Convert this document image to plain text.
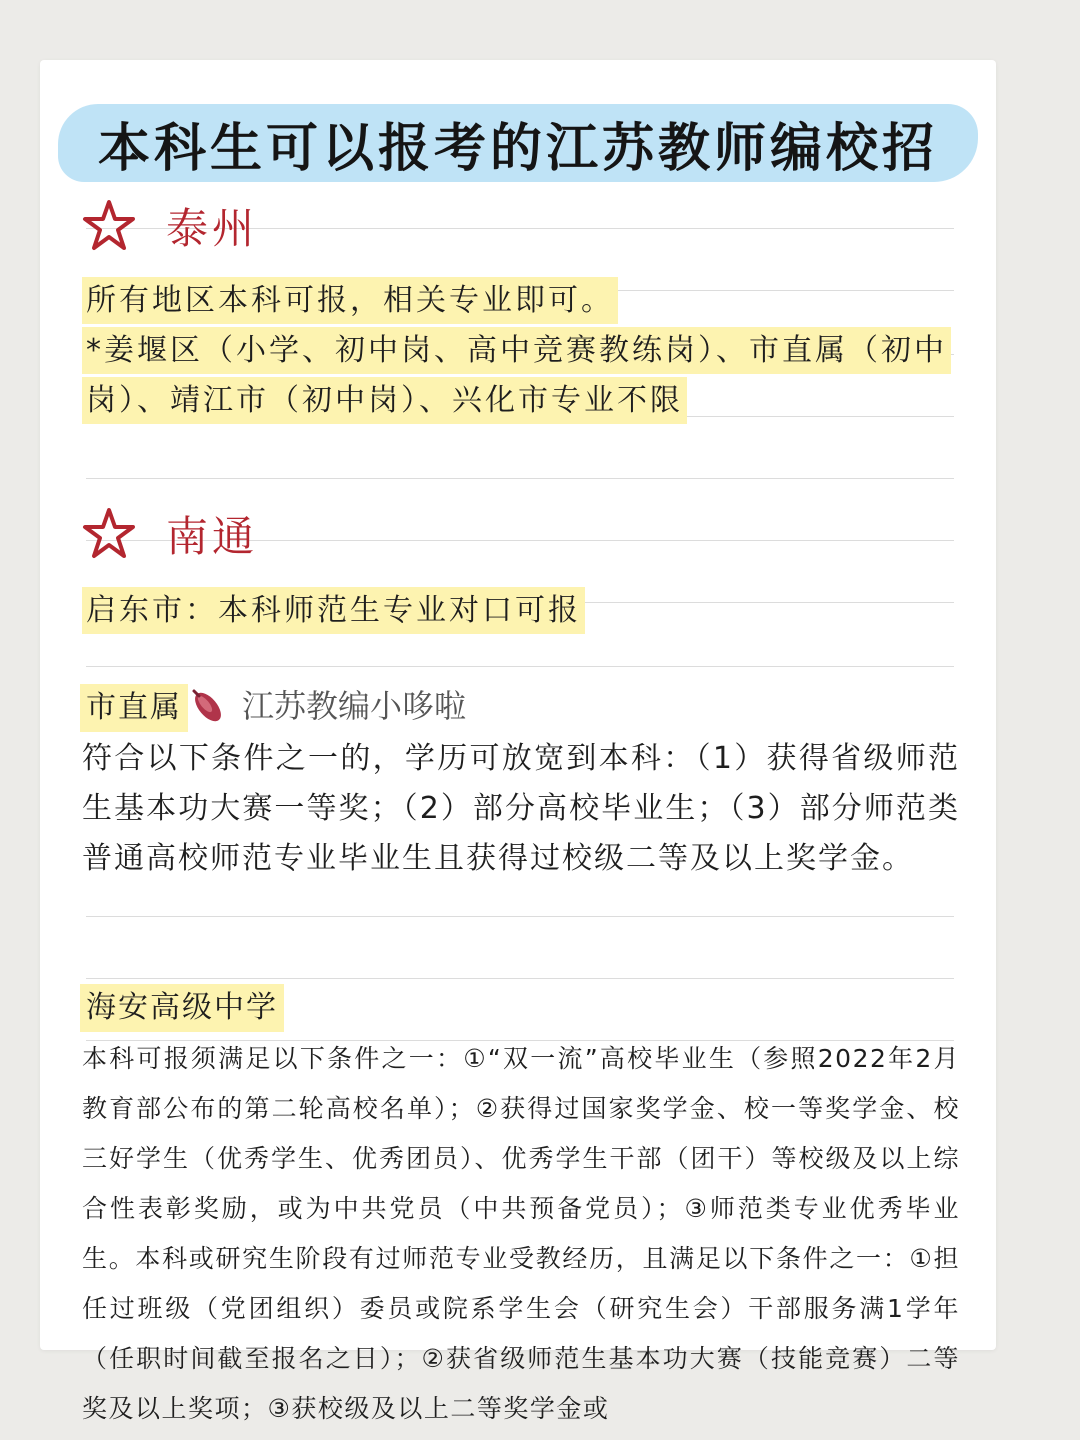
本科生可以报考的江苏教师编校招
泰州
所有地区本科可报，相关专业即可。
*姜堰区（小学、初中岗、高中竞赛教练岗）、市直属（初中岗）、靖江市（初中岗）、兴化市专业不限
南通
启东市：本科师范生专业对口可报
市直属 江苏教编小哆啦
符合以下条件之一的，学历可放宽到本科：（1）获得省级师范生基本功大赛一等奖；（2）部分高校毕业生；（3）部分师范类普通高校师范专业毕业生且获得过校级二等及以上奖学金。
海安高级中学
本科可报须满足以下条件之一：①“双一流”高校毕业生（参照2022年2月教育部公布的第二轮高校名单）；②获得过国家奖学金、校一等奖学金、校三好学生（优秀学生、优秀团员）、优秀学生干部（团干）等校级及以上综合性表彰奖励，或为中共党员（中共预备党员）；③师范类专业优秀毕业生。本科或研究生阶段有过师范专业受教经历，且满足以下条件之一：①担任过班级（党团组织）委员或院系学生会（研究生会）干部服务满1学年（任职时间截至报名之日）；②获省级师范生基本功大赛（技能竞赛）二等奖及以上奖项；③获校级及以上二等奖学金或
